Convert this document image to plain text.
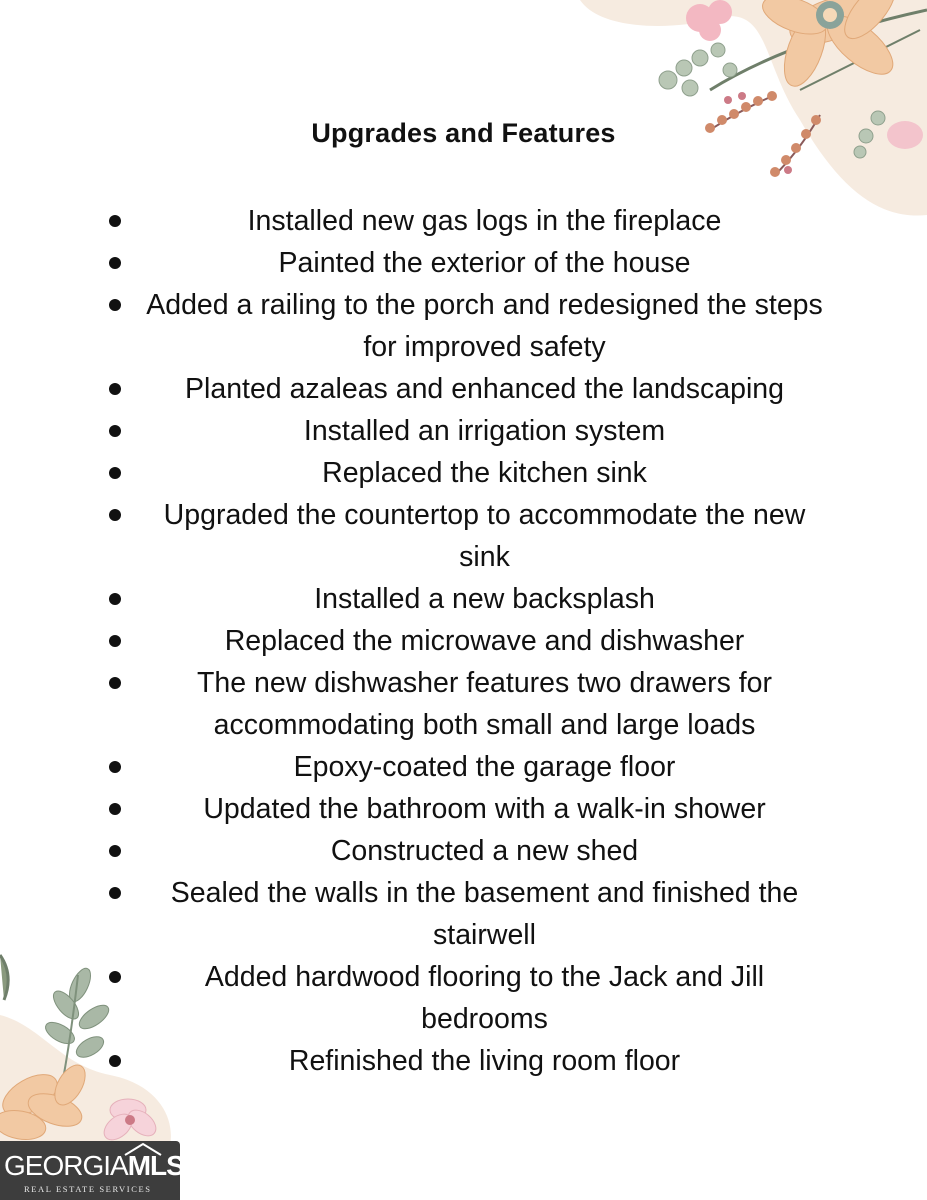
Upgrades and Features
Installed new gas logs in the fireplace
Painted the exterior of the house
Added a railing to the porch and redesigned the steps for improved safety
Planted azaleas and enhanced the landscaping
Installed an irrigation system
Replaced the kitchen sink
Upgraded the countertop to accommodate the new sink
Installed a new backsplash
Replaced the microwave and dishwasher
The new dishwasher features two drawers for accommodating both small and large loads
Epoxy-coated the garage floor
Updated the bathroom with a walk-in shower
Constructed a new shed
Sealed the walls in the basement and finished the stairwell
Added hardwood flooring to the Jack and Jill bedrooms
Refinished the living room floor
GEORGIAMLS
REAL ESTATE SERVICES
